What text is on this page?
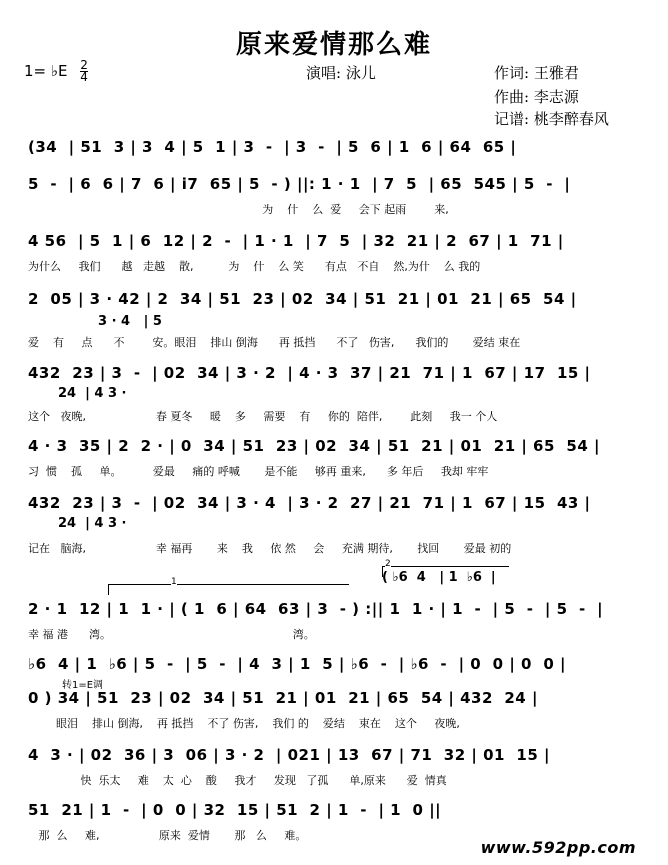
原来爱情那么难
1= ♭E $\frac{2}{4}$	演唱: 泳儿	作词: 王雅君
作曲: 李志源
记谱: 桃李醉春风
(34  | 51  3 | 3  4 | 5  1 | 3  -  | 3  -  | 5  6 | 1  6 | 64  65 |
5  -  | 6  6 | 7  6 | i7  65 | 5  - ) ||: 1 · 1  | 7  5  | 65  545 | 5  -  |
为    什    么  爱     会下 起雨        来,
4 56  | 5  1 | 6  12 | 2  -  | 1 · 1  | 7  5  | 32  21 | 2  67 | 1  71 |
为什么     我们      越   走越    散,          为    什    么 笑      有点   不自    然,为什    么 我的
2  05 | 3 · 42 | 2  34 | 51  23 | 02  34 | 51  21 | 01  21 | 65  54 |
3 · 4   | 5
爱    有     点      不        安。眼泪    排山 倒海      再 抵挡      不了   伤害,      我们的       爱结 束在
432  23 | 3  -  | 02  34 | 3 · 2  | 4 · 3  37 | 21  71 | 1  67 | 17  15 |
24  | 4 3 ·
这个   夜晚,                    春 夏冬     暖    多     需要    有     你的  陪伴,        此刻     我一 个人
4 · 3  35 | 2  2 · | 0  34 | 51  23 | 02  34 | 51  21 | 01  21 | 65  54 |
习  惯    孤     单。         爱最     痛的 呼喊       是不能     够再 重来,      多 年后     我却 牢牢
432  23 | 3  -  | 02  34 | 3 · 4  | 3 · 2  27 | 21  71 | 1  67 | 15  43 |
24  | 4 3 ·
记在   脑海,                    幸 福再       来    我     依 然     会     充满 期待,       找回       爱最 初的
1
2
( ♭6  4   | 1  ♭6  |
2 · 1  12 | 1  1 · | ( 1  6 | 64  63 | 3  - ) :|| 1  1 · | 1  -  | 5  -  | 5  -  |
幸 福 港      湾。                                                    湾。
♭6  4 | 1  ♭6 | 5  -  | 5  -  | 4  3 | 1  5 | ♭6  -  | ♭6  -  | 0  0 | 0  0 |
转1=E调
0 ) 34 | 51  23 | 02  34 | 51  21 | 01  21 | 65  54 | 432  24 |
眼泪    排山 倒海,    再 抵挡    不了 伤害,    我们 的    爱结    束在    这个     夜晚,
4  3 · | 02  36 | 3  06 | 3 · 2  | 021 | 13  67 | 71  32 | 01  15 |
快  乐太     难    太  心    酸     我才     发现   了孤      单,原来      爱  情真
51  21 | 1  -  | 0  0 | 32  15 | 51  2 | 1  -  | 1  0 ||
那  么     难,                 原来  爱情       那   么     难。
www.592pp.com
